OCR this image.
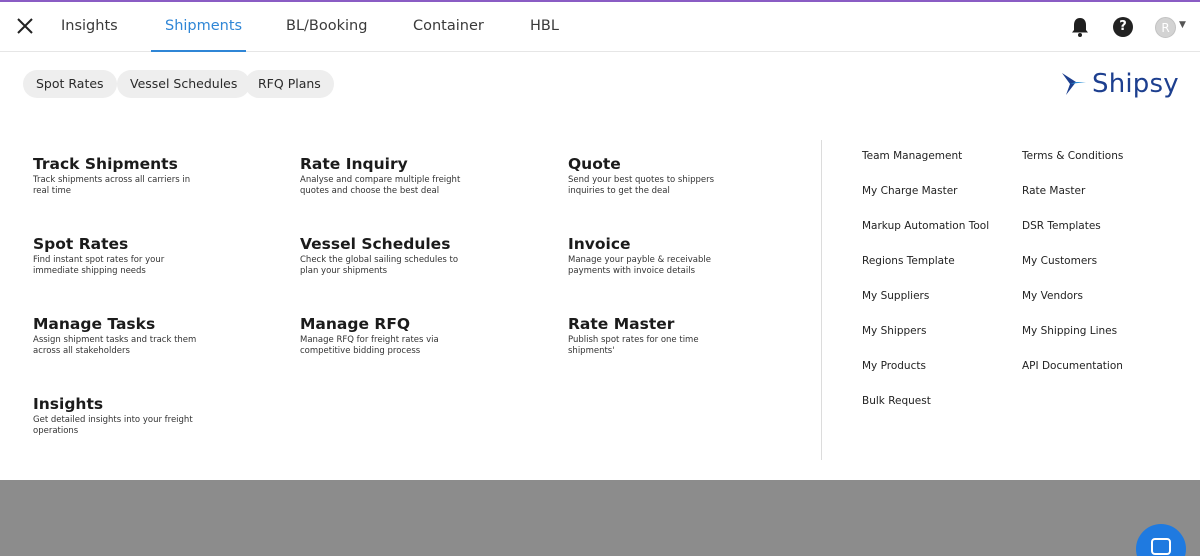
Insights	Shipments	BL/Booking	Container	HBL	?	R	▼
Spot Rates	Vessel Schedules	RFQ Plans	Shipsy
Track Shipments
Track shipments across all carriers in real time
Rate Inquiry
Analyse and compare multiple freight quotes and choose the best deal
Quote
Send your best quotes to shippers inquiries to get the deal
Spot Rates
Find instant spot rates for your immediate shipping needs
Vessel Schedules
Check the global sailing schedules to plan your shipments
Invoice
Manage your payble & receivable payments with invoice details
Manage Tasks
Assign shipment tasks and track them across all stakeholders
Manage RFQ
Manage RFQ for freight rates via competitive bidding process
Rate Master
Publish spot rates for one time shipments'
Insights
Get detailed insights into your freight operations
Team Management
My Charge Master
Markup Automation Tool
Regions Template
My Suppliers
My Shippers
My Products
Bulk Request
Terms & Conditions
Rate Master
DSR Templates
My Customers
My Vendors
My Shipping Lines
API Documentation
